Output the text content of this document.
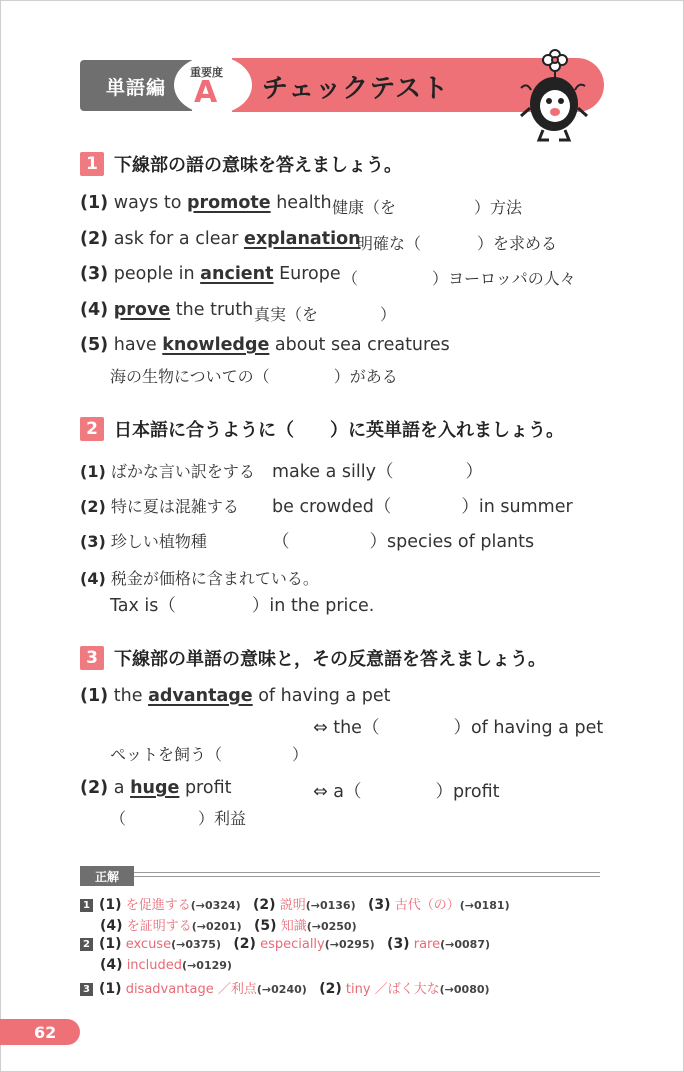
単語編
重要度
A チェックテスト
1 下線部の語の意味を答えましょう。
(1) ways to promote health 健康（を	）方法
(2) ask for a clear explanation
明確な（	）を求める
(3) people in ancient Europe （	）ヨーロッパの人々
(4) prove the truth 真実（を	）
(5) have knowledge about sea creatures
海の生物についての（	）がある
2 日本語に合うように（　　）に英単語を入れましょう。
(1) ばかな言い訳をする make a silly（	）
(2) 特に夏は混雑する be crowded（	）in summer
(3) 珍しい植物種	（	）species of plants
(4) 税金が価格に含まれている。
Tax is（	）in the price.
3 下線部の単語の意味と，その反意語を答えましょう。
(1) the advantage of having a pet
⇔ the（	）of having a pet
ペットを飼う（	）
(2) a huge profit	⇔ a（	）profit
（	）利益
正解
1 (1) を促進する(→0324) (2) 説明(→0136) (3) 古代（の）(→0181)
(4) を証明する(→0201) (5) 知識(→0250)
2 (1) excuse(→0375) (2) especially(→0295) (3) rare(→0087)
(4) included(→0129)
3 (1) disadvantage ／利点(→0240) (2) tiny ／ばく大な(→0080)
62
